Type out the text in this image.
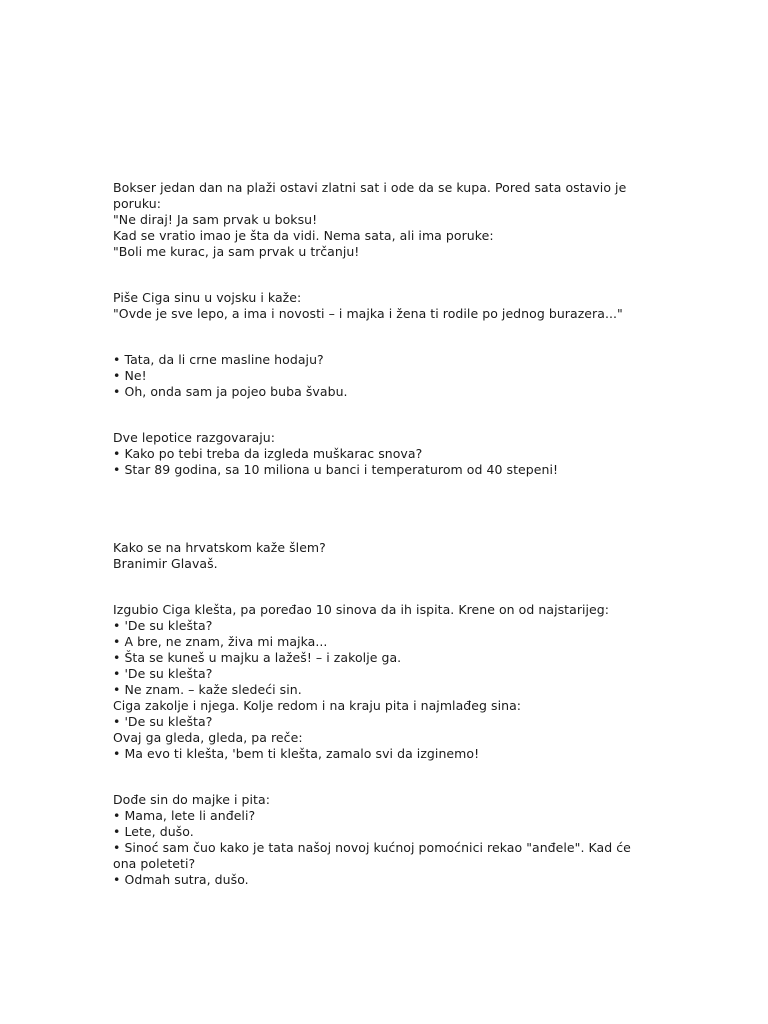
Bokser jedan dan na plaži ostavi zlatni sat i ode da se kupa. Pored sata ostavio je poruku:
"Ne diraj! Ja sam prvak u boksu!
Kad se vratio imao je šta da vidi. Nema sata, ali ima poruke:
"Boli me kurac, ja sam prvak u trčanju!
Piše Ciga sinu u vojsku i kaže:
"Ovde je sve lepo, a ima i novosti – i majka i žena ti rodile po jednog burazera..."
• Tata, da li crne masline hodaju?
• Ne!
• Oh, onda sam ja pojeo buba švabu.
Dve lepotice razgovaraju:
• Kako po tebi treba da izgleda muškarac snova?
• Star 89 godina, sa 10 miliona u banci i temperaturom od 40 stepeni!
Kako se na hrvatskom kaže šlem?
Branimir Glavaš.
Izgubio Ciga klešta, pa poređao 10 sinova da ih ispita. Krene on od najstarijeg:
• 'De su klešta?
• A bre, ne znam, živa mi majka...
• Šta se kuneš u majku a lažeš! – i zakolje ga.
• 'De su klešta?
• Ne znam. – kaže sledeći sin.
Ciga zakolje i njega. Kolje redom i na kraju pita i najmlađeg sina:
• 'De su klešta?
Ovaj ga gleda, gleda, pa reče:
• Ma evo ti klešta, 'bem ti klešta, zamalo svi da izginemo!
Dođe sin do majke i pita:
• Mama, lete li anđeli?
• Lete, dušo.
• Sinoć sam čuo kako je tata našoj novoj kućnoj pomoćnici rekao "anđele". Kad će ona poleteti?
• Odmah sutra, dušo.
